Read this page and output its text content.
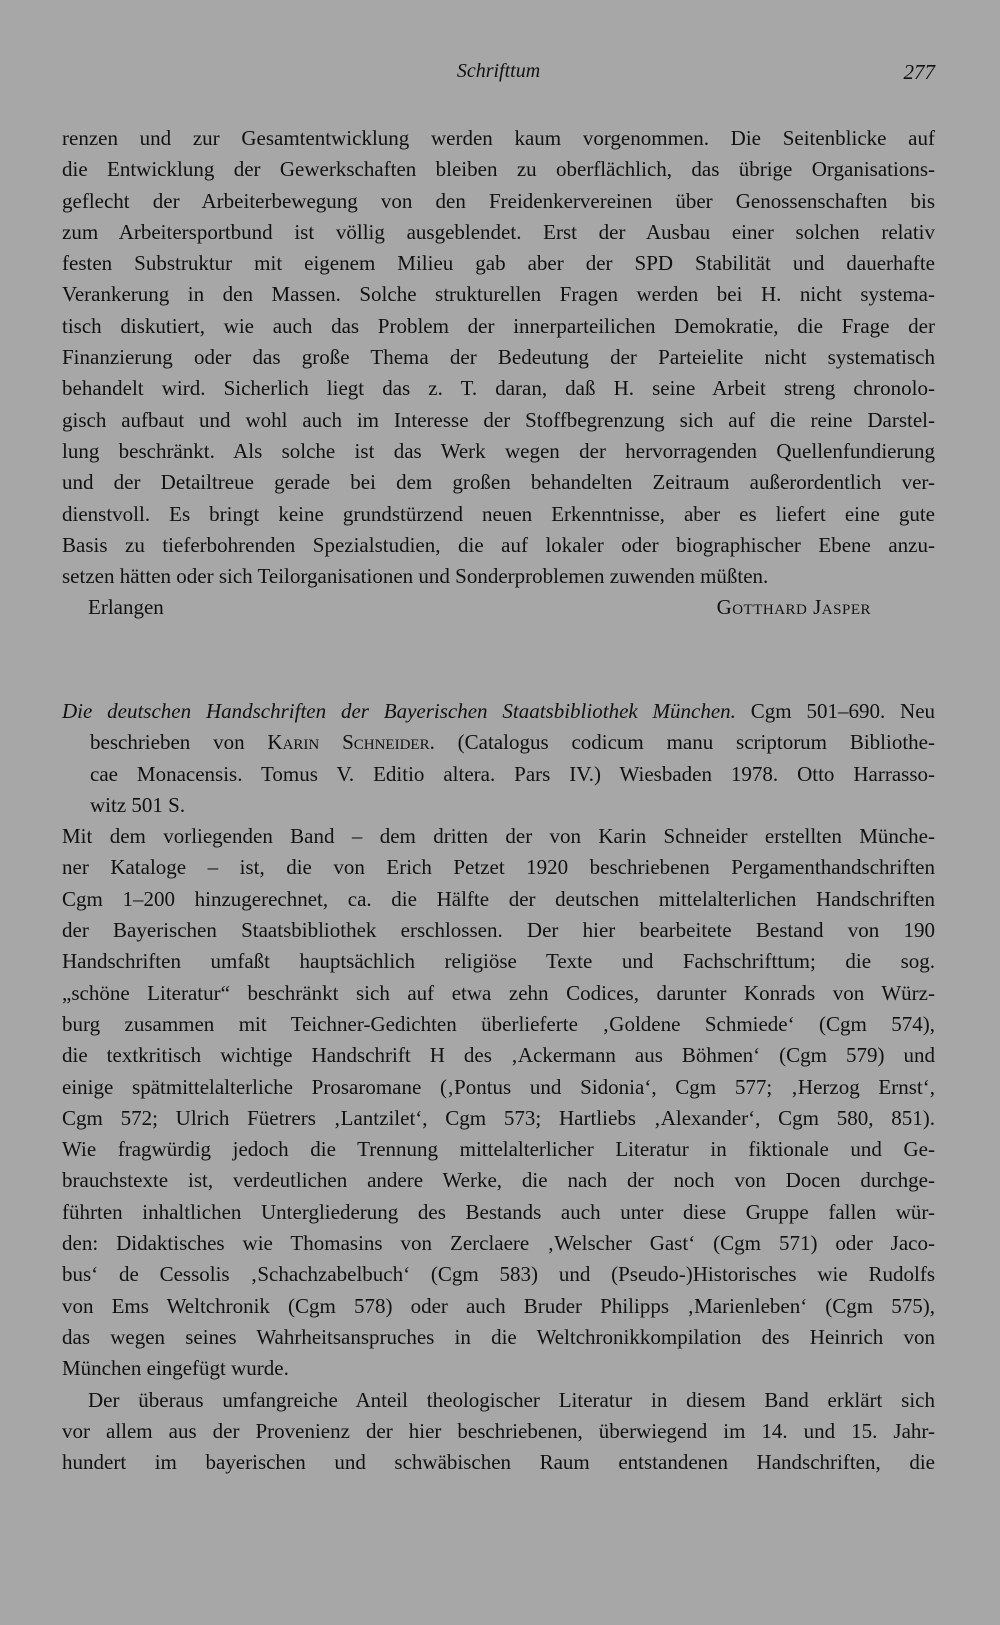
Schrifttum	277
renzen und zur Gesamtentwicklung werden kaum vorgenommen. Die Seitenblicke auf
die Entwicklung der Gewerkschaften bleiben zu oberflächlich, das übrige Organisations-
geflecht der Arbeiterbewegung von den Freidenkervereinen über Genossenschaften bis
zum Arbeitersportbund ist völlig ausgeblendet. Erst der Ausbau einer solchen relativ
festen Substruktur mit eigenem Milieu gab aber der SPD Stabilität und dauerhafte
Verankerung in den Massen. Solche strukturellen Fragen werden bei H. nicht systema-
tisch diskutiert, wie auch das Problem der innerparteilichen Demokratie, die Frage der
Finanzierung oder das große Thema der Bedeutung der Parteielite nicht systematisch
behandelt wird. Sicherlich liegt das z. T. daran, daß H. seine Arbeit streng chronolo-
gisch aufbaut und wohl auch im Interesse der Stoffbegrenzung sich auf die reine Darstel-
lung beschränkt. Als solche ist das Werk wegen der hervorragenden Quellenfundierung
und der Detailtreue gerade bei dem großen behandelten Zeitraum außerordentlich ver-
dienstvoll. Es bringt keine grundstürzend neuen Erkenntnisse, aber es liefert eine gute
Basis zu tieferbohrenden Spezialstudien, die auf lokaler oder biographischer Ebene anzu-
setzen hätten oder sich Teilorganisationen und Sonderproblemen zuwenden müßten.
Erlangen	Gotthard Jasper
Die deutschen Handschriften der Bayerischen Staatsbibliothek München. Cgm 501–690. Neu
beschrieben von Karin Schneider. (Catalogus codicum manu scriptorum Bibliothe-
cae Monacensis. Tomus V. Editio altera. Pars IV.) Wiesbaden 1978. Otto Harrasso-
witz 501 S.
Mit dem vorliegenden Band – dem dritten der von Karin Schneider erstellten Münche-
ner Kataloge – ist, die von Erich Petzet 1920 beschriebenen Pergamenthandschriften
Cgm 1–200 hinzugerechnet, ca. die Hälfte der deutschen mittelalterlichen Handschriften
der Bayerischen Staatsbibliothek erschlossen. Der hier bearbeitete Bestand von 190
Handschriften umfaßt hauptsächlich religiöse Texte und Fachschrifttum; die sog.
„schöne Literatur“ beschränkt sich auf etwa zehn Codices, darunter Konrads von Würz-
burg zusammen mit Teichner-Gedichten überlieferte ‚Goldene Schmiede‘ (Cgm 574),
die textkritisch wichtige Handschrift H des ‚Ackermann aus Böhmen‘ (Cgm 579) und
einige spätmittelalterliche Prosaromane (‚Pontus und Sidonia‘, Cgm 577; ‚Herzog Ernst‘,
Cgm 572; Ulrich Füetrers ‚Lantzilet‘, Cgm 573; Hartliebs ‚Alexander‘, Cgm 580, 851).
Wie fragwürdig jedoch die Trennung mittelalterlicher Literatur in fiktionale und Ge-
brauchstexte ist, verdeutlichen andere Werke, die nach der noch von Docen durchge-
führten inhaltlichen Untergliederung des Bestands auch unter diese Gruppe fallen wür-
den: Didaktisches wie Thomasins von Zerclaere ‚Welscher Gast‘ (Cgm 571) oder Jaco-
bus‘ de Cessolis ‚Schachzabelbuch‘ (Cgm 583) und (Pseudo-)Historisches wie Rudolfs
von Ems Weltchronik (Cgm 578) oder auch Bruder Philipps ‚Marienleben‘ (Cgm 575),
das wegen seines Wahrheitsanspruches in die Weltchronikkompilation des Heinrich von
München eingefügt wurde.
Der überaus umfangreiche Anteil theologischer Literatur in diesem Band erklärt sich
vor allem aus der Provenienz der hier beschriebenen, überwiegend im 14. und 15. Jahr-
hundert im bayerischen und schwäbischen Raum entstandenen Handschriften, die
